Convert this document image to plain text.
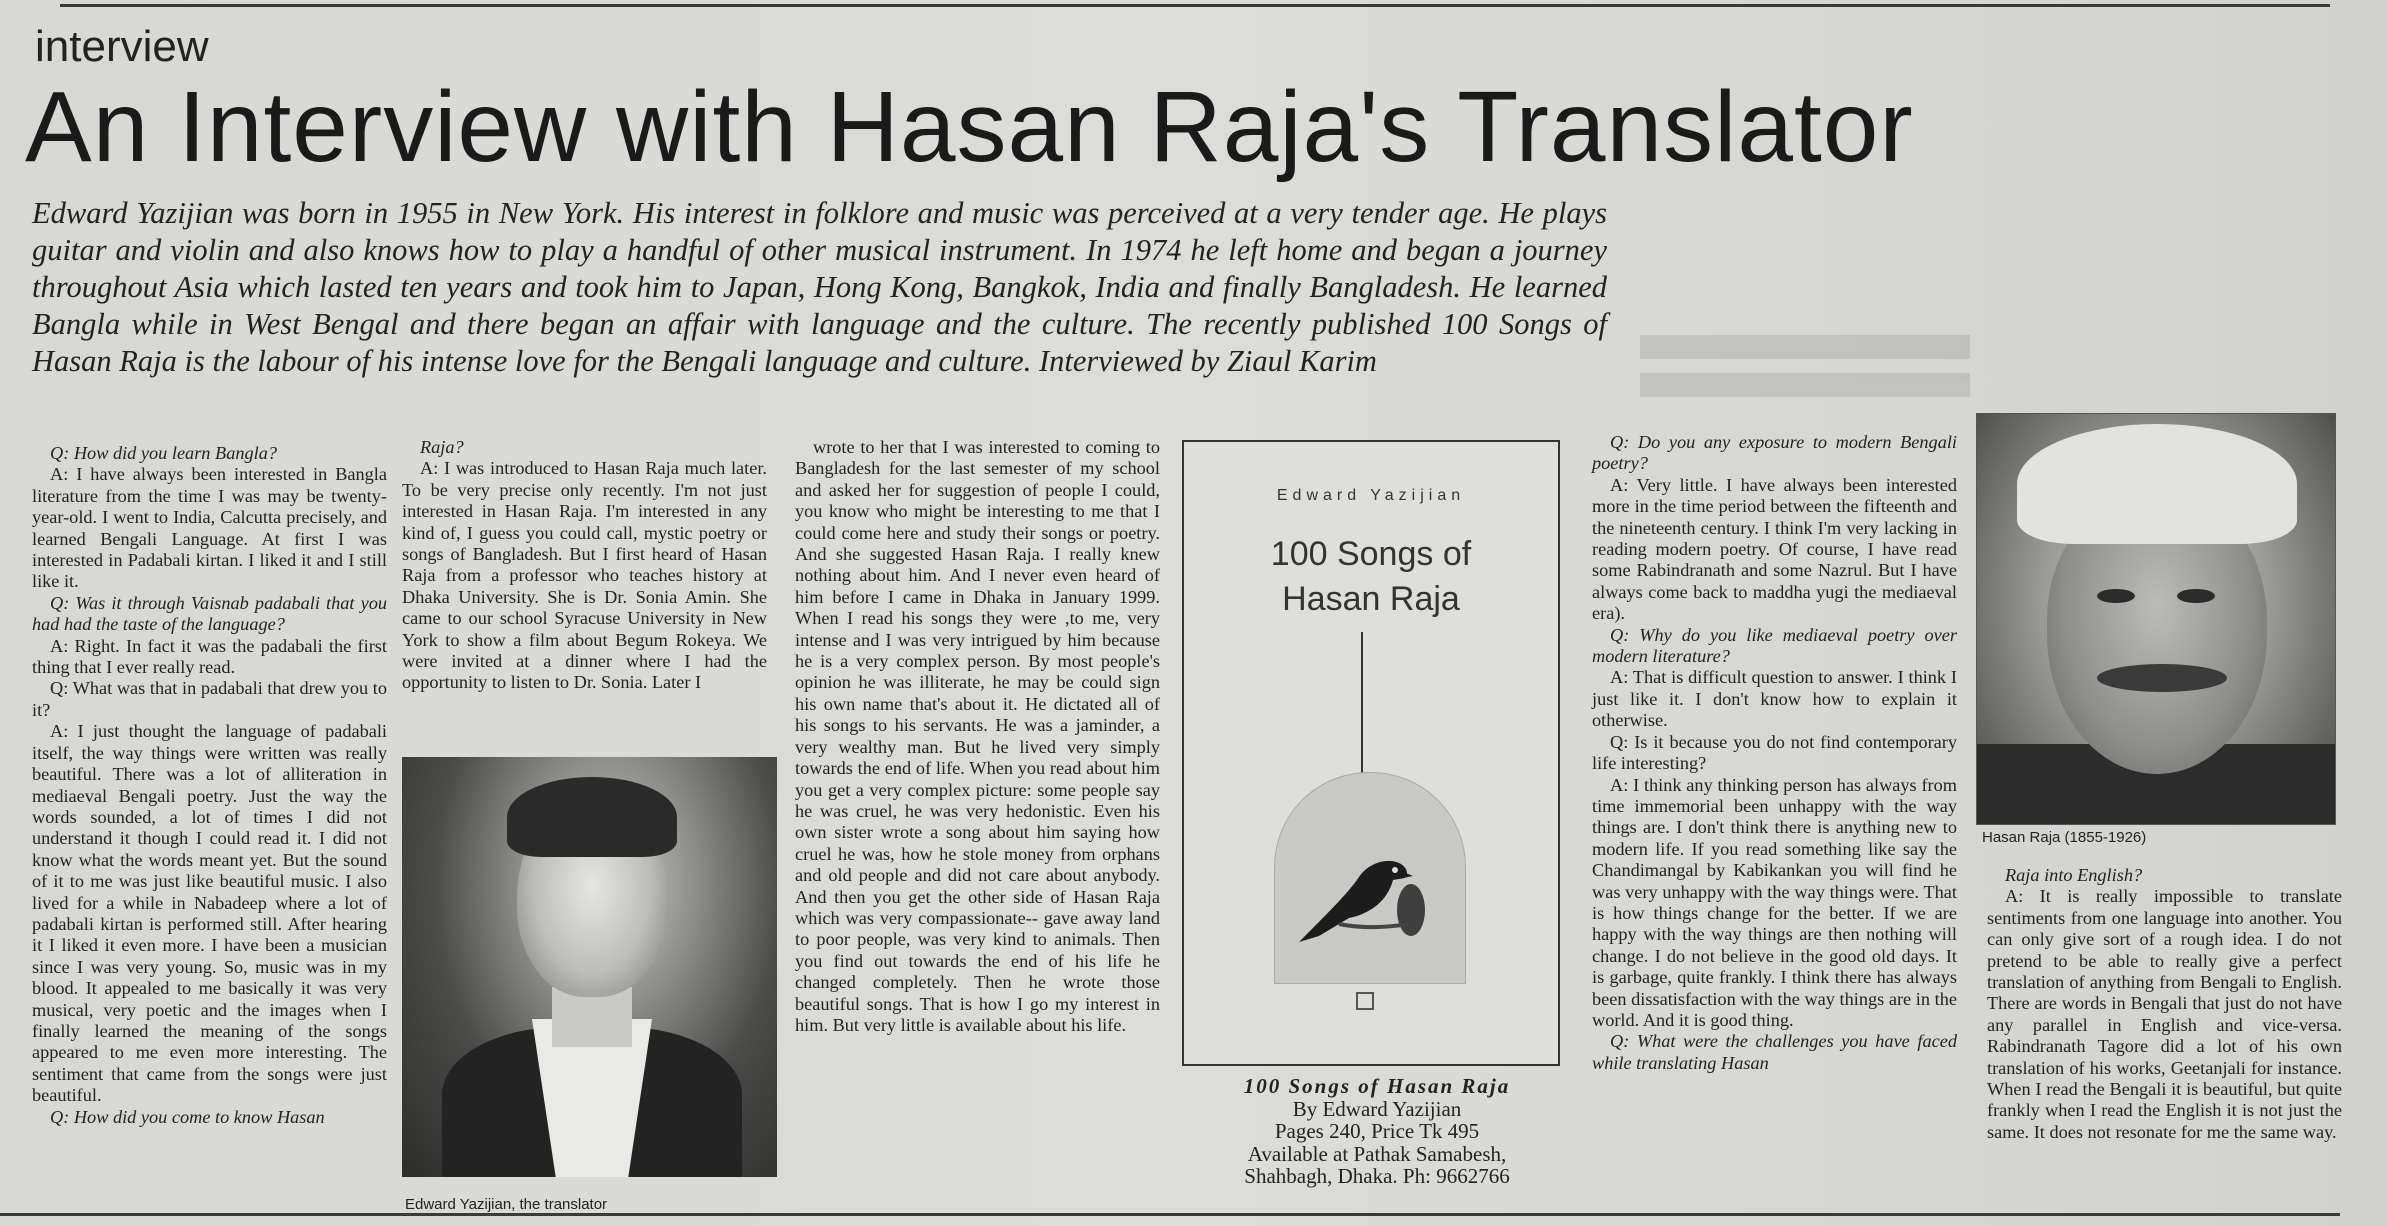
interview
An Interview with Hasan Raja's Translator
Edward Yazijian was born in 1955 in New York. His interest in folklore and music was perceived at a very tender age. He plays guitar and violin and also knows how to play a handful of other musical instrument. In 1974 he left home and began a journey throughout Asia which lasted ten years and took him to Japan, Hong Kong, Bangkok, India and finally Bangladesh. He learned Bangla while in West Bengal and there began an affair with language and the culture. The recently published 100 Songs of Hasan Raja is the labour of his intense love for the Bengali language and culture. Interviewed by Ziaul Karim

Q: How did you learn Bangla?

A: I have always been interested in Bangla literature from the time I was may be twenty-year-old. I went to India, Calcutta precisely, and learned Bengali Language. At first I was interested in Padabali kirtan. I liked it and I still like it.

Q: Was it through Vaisnab padabali that you had had the taste of the language?

A: Right. In fact it was the padabali the first thing that I ever really read.

Q: What was that in padabali that drew you to it?

A: I just thought the language of padabali itself, the way things were written was really beautiful. There was a lot of alliteration in mediaeval Bengali poetry. Just the way the words sounded, a lot of times I did not understand it though I could read it. I did not know what the words meant yet. But the sound of it to me was just like beautiful music. I also lived for a while in Nabadeep where a lot of padabali kirtan is performed still. After hearing it I liked it even more. I have been a musician since I was very young. So, music was in my blood. It appealed to me basically it was very musical, very poetic and the images when I finally learned the meaning of the songs appeared to me even more interesting. The sentiment that came from the songs were just beautiful.

Q: How did you come to know Hasan

Raja?

A: I was introduced to Hasan Raja much later. To be very precise only recently. I'm not just interested in Hasan Raja. I'm interested in any kind of, I guess you could call, mystic poetry or songs of Bangladesh. But I first heard of Hasan Raja from a professor who teaches history at Dhaka University. She is Dr. Sonia Amin. She came to our school Syracuse University in New York to show a film about Begum Rokeya. We were invited at a dinner where I had the opportunity to listen to Dr. Sonia. Later I

wrote to her that I was interested to coming to Bangladesh for the last semester of my school and asked her for suggestion of people I could, you know who might be interesting to me that I could come here and study their songs or poetry. And she suggested Hasan Raja. I really knew nothing about him. And I never even heard of him before I came in Dhaka in January 1999. When I read his songs they were ,to me, very intense and I was very intrigued by him because he is a very complex person. By most people's opinion he was illiterate, he may be could sign his own name that's about it. He dictated all of his songs to his servants. He was a jaminder, a very wealthy man. But he lived very simply towards the end of life. When you read about him you get a very complex picture: some people say he was cruel, he was very hedonistic. Even his own sister wrote a song about him saying how cruel he was, how he stole money from orphans and old people and did not care about anybody. And then you get the other side of Hasan Raja which was very compassionate-- gave away land to poor people, was very kind to animals. Then you find out towards the end of his life he changed completely. Then he wrote those beautiful songs. That is how I go my interest in him. But very little is available about his life.

Q: Do you any exposure to modern Bengali poetry?

A: Very little. I have always been interested more in the time period between the fifteenth and the nineteenth century. I think I'm very lacking in reading modern poetry. Of course, I have read some Rabindranath and some Nazrul. But I have always come back to maddha yugi the mediaeval era).

Q: Why do you like mediaeval poetry over modern literature?

A: That is difficult question to answer. I think I just like it. I don't know how to explain it otherwise.

Q: Is it because you do not find contemporary life interesting?

A: I think any thinking person has always from time immemorial been unhappy with the way things are. I don't think there is anything new to modern life. If you read something like say the Chandimangal by Kabikankan you will find he was very unhappy with the way things were. That is how things change for the better. If we are happy with the way things are then nothing will change. I do not believe in the good old days. It is garbage, quite frankly. I think there has always been dissatisfaction with the way things are in the world. And it is good thing.

Q: What were the challenges you have faced while translating Hasan

Raja into English?

A: It is really impossible to translate sentiments from one language into another. You can only give sort of a rough idea. I do not pretend to be able to really give a perfect translation of anything from Bengali to English. There are words in Bengali that just do not have any parallel in English and vice-versa. Rabindranath Tagore did a lot of his own translation of his works, Geetanjali for instance. When I read the Bengali it is beautiful, but quite frankly when I read the English it is not just the same. It does not resonate for me the same way.

Edward Yazijian, the translator
Edward Yazijian
100 Songs of
Hasan Raja
100 Songs of Hasan Raja
By Edward Yazijian
Pages 240, Price Tk 495
Available at Pathak Samabesh,
Shahbagh, Dhaka. Ph: 9662766
Hasan Raja (1855-1926)
